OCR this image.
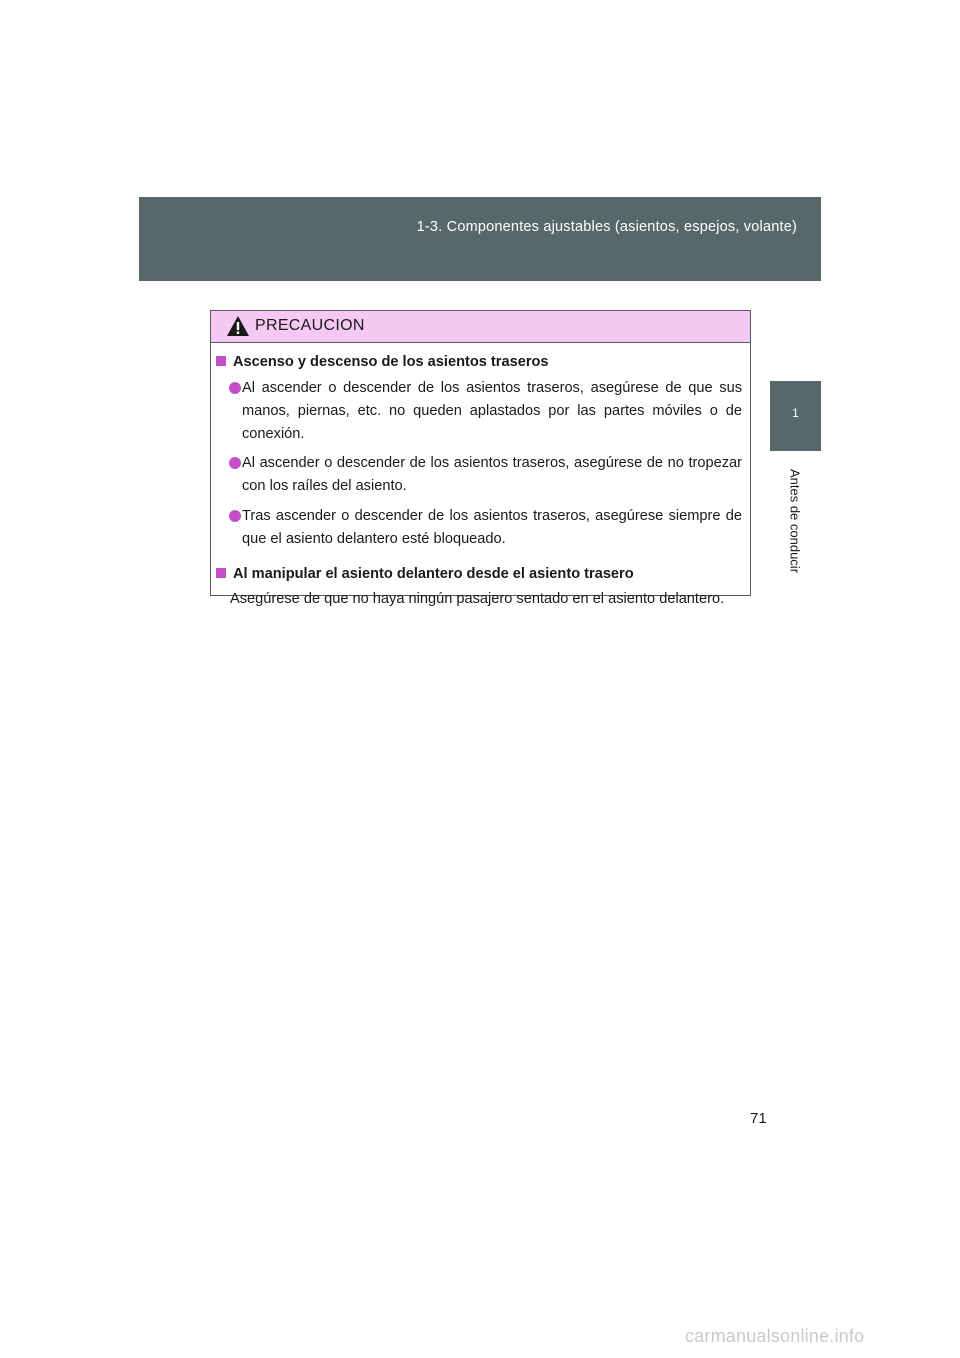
1-3. Componentes ajustables (asientos, espejos, volante)
1
Antes de conducir
PRECAUCION
Ascenso y descenso de los asientos traseros
Al ascender o descender de los asientos traseros, asegúrese de que sus manos, piernas, etc. no queden aplastados por las partes móviles o de conexión.
Al ascender o descender de los asientos traseros, asegúrese de no tropezar con los raíles del asiento.
Tras ascender o descender de los asientos traseros, asegúrese siempre de que el asiento delantero esté bloqueado.
Al manipular el asiento delantero desde el asiento trasero
Asegúrese de que no haya ningún pasajero sentado en el asiento delantero.
71
carmanualsonline.info
